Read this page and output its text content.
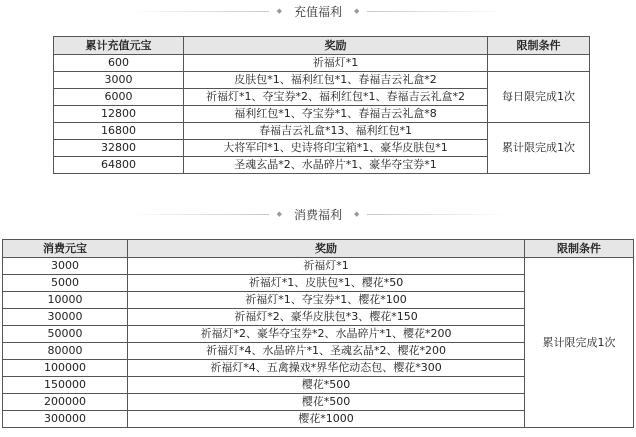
◆	充值福利	◆
累计充值元宝	奖励	限制条件
600	祈福灯*1	
3000	皮肤包*1、福利红包*1、春福吉云礼盒*2	每日限完成1次
6000	祈福灯*1、夺宝券*2、福利红包*1、春福吉云礼盒*2	
12800	福利红包*1、夺宝券*1、春福吉云礼盒*8	
16800	春福吉云礼盒*13、福利红包*1	累计限完成1次
32800	大将军印*1、史诗将印宝箱*1、豪华皮肤包*1	
64800	圣魂玄晶*2、水晶碎片*1、豪华夺宝券*1	
◆	消费福利	◆
消费元宝	奖励	限制条件
3000	祈福灯*1	累计限完成1次
5000	祈福灯*1、皮肤包*1、樱花*50	
10000	祈福灯*1、夺宝券*1、樱花*100	
30000	祈福灯*2、豪华皮肤包*3、樱花*150	
50000	祈福灯*2、豪华夺宝券*2、水晶碎片*1、樱花*200	
80000	祈福灯*4、水晶碎片*1、圣魂玄晶*2、樱花*200	
100000	祈福灯*4、五禽操戏*界华佗动态包、樱花*300	
150000	樱花*500	
200000	樱花*500	
300000	樱花*1000	
